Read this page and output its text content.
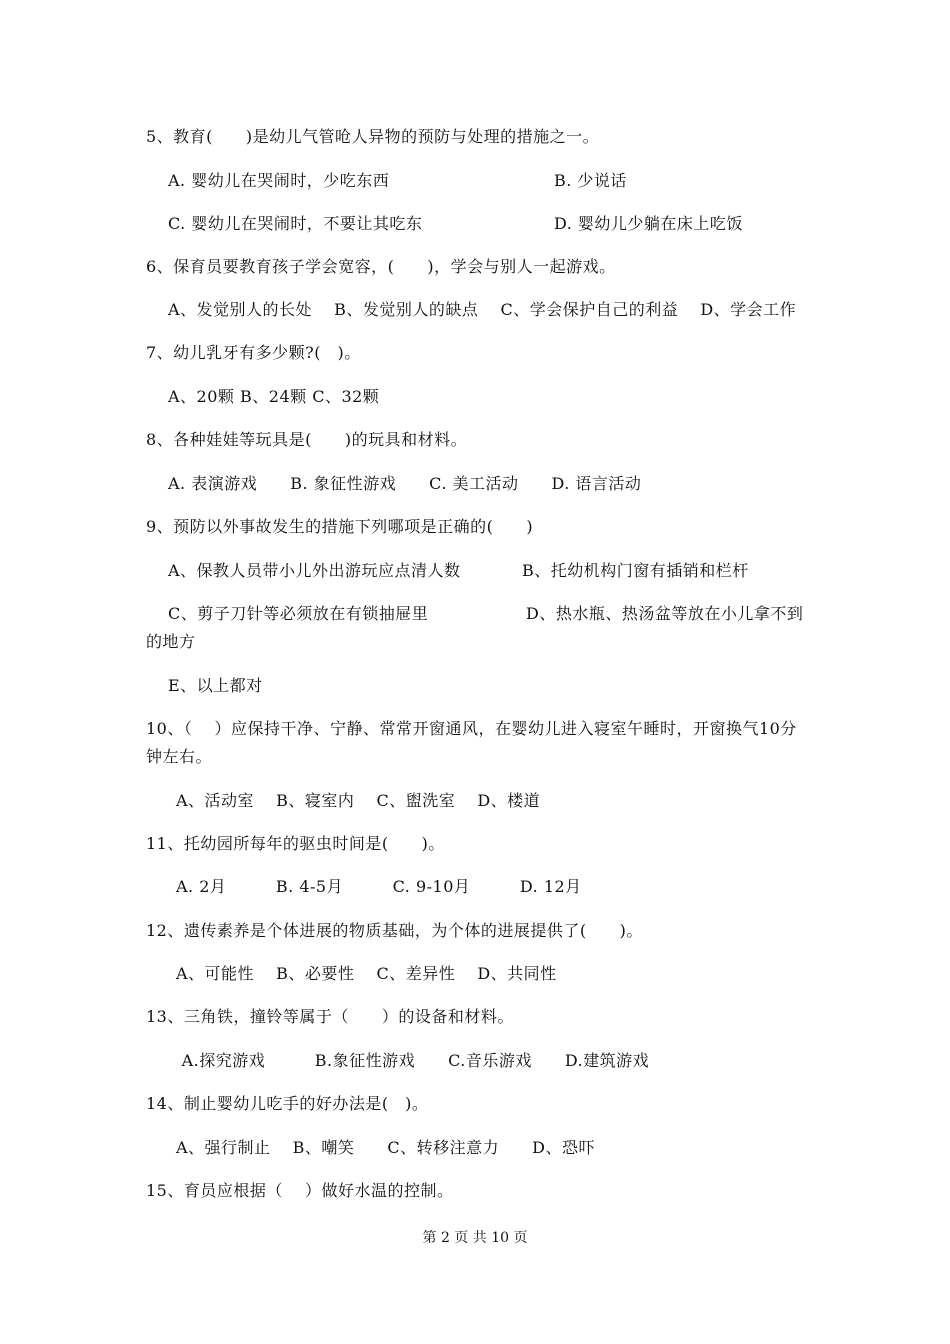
5、教育(　　)是幼儿气管呛人异物的预防与处理的措施之一。
A. 婴幼儿在哭闹时，少吃东西	B. 少说话
C. 婴幼儿在哭闹时，不要让其吃东	D. 婴幼儿少躺在床上吃饭
6、保育员要教育孩子学会宽容，(　　)，学会与别人一起游戏。
A、发觉别人的长处　 B、发觉别人的缺点　 C、学会保护自己的利益　 D、学会工作
7、幼儿乳牙有多少颗?(　)。
A、20颗 B、24颗 C、32颗
8、各种娃娃等玩具是(　　)的玩具和材料。
A. 表演游戏　　B. 象征性游戏　　C. 美工活动　　D. 语言活动
9、预防以外事故发生的措施下列哪项是正确的(　　)
A、保教人员带小儿外出游玩应点清人数	B、托幼机构门窗有插销和栏杆
C、剪子刀针等必须放在有锁抽屉里	D、热水瓶、热汤盆等放在小儿拿不到
的地方
E、以上都对
10、（　 ）应保持干净、宁静、常常开窗通风，在婴幼儿进入寝室午睡时，开窗换气10分
钟左右。
A、活动室　 B、寝室内　 C、盥洗室　 D、楼道
11、托幼园所每年的驱虫时间是(　　)。
A. 2月　　　B. 4-5月　　　C. 9-10月　　　D. 12月
12、遗传素养是个体进展的物质基础，为个体的进展提供了(　　)。
A、可能性　 B、必要性　 C、差异性　 D、共同性
13、三角铁，撞铃等属于（　　）的设备和材料。
A.探究游戏　　　B.象征性游戏　　C.音乐游戏　　D.建筑游戏
14、制止婴幼儿吃手的好办法是(　)。
A、强行制止　 B、嘲笑　　C、转移注意力　　D、恐吓
15、育员应根据（　 ）做好水温的控制。
第 2 页 共 10 页
